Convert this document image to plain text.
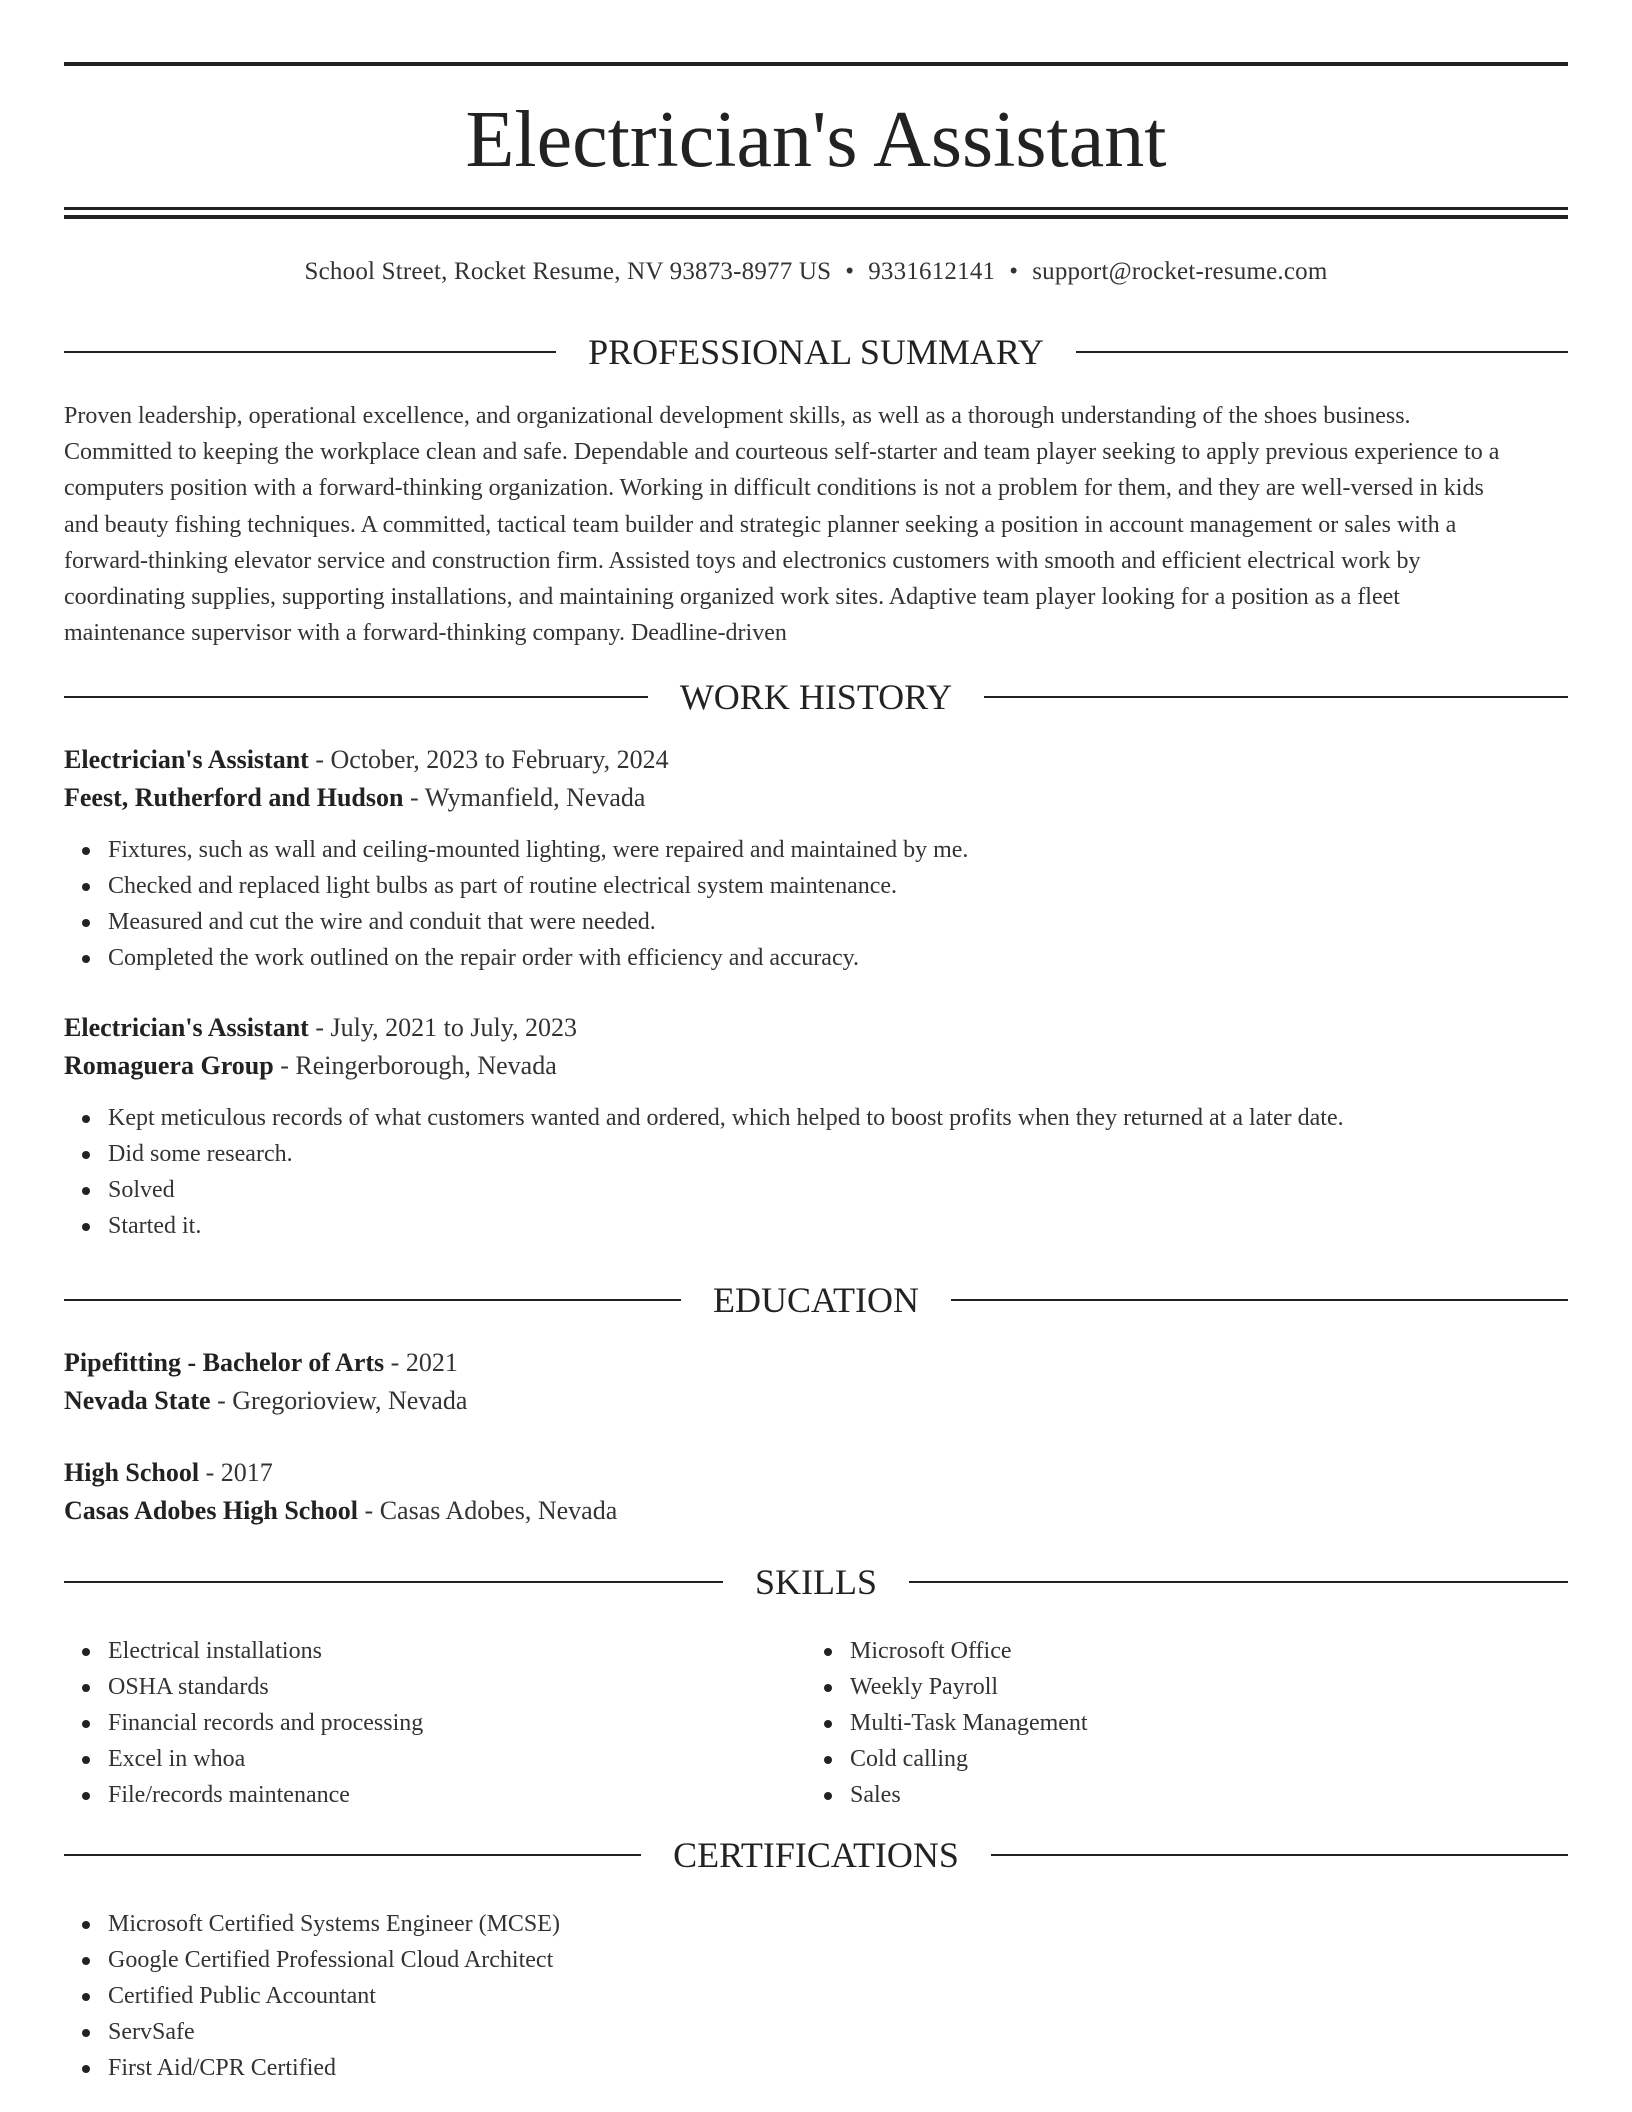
Electrician's Assistant
School Street, Rocket Resume, NV 93873-8977 US • 9331612141 • support@rocket-resume.com
PROFESSIONAL SUMMARY

Proven leadership, operational excellence, and organizational development skills, as well as a thorough understanding of the shoes business.
Committed to keeping the workplace clean and safe. Dependable and courteous self-starter and team player seeking to apply previous experience to a
computers position with a forward-thinking organization. Working in difficult conditions is not a problem for them, and they are well-versed in kids
and beauty fishing techniques. A committed, tactical team builder and strategic planner seeking a position in account management or sales with a
forward-thinking elevator service and construction firm. Assisted toys and electronics customers with smooth and efficient electrical work by
coordinating supplies, supporting installations, and maintaining organized work sites. Adaptive team player looking for a position as a fleet
maintenance supervisor with a forward-thinking company. Deadline-driven

WORK HISTORY
Electrician's Assistant - October, 2023 to February, 2024
Feest, Rutherford and Hudson - Wymanfield, Nevada
Fixtures, such as wall and ceiling-mounted lighting, were repaired and maintained by me.
Checked and replaced light bulbs as part of routine electrical system maintenance.
Measured and cut the wire and conduit that were needed.
Completed the work outlined on the repair order with efficiency and accuracy.
Electrician's Assistant - July, 2021 to July, 2023
Romaguera Group - Reingerborough, Nevada
Kept meticulous records of what customers wanted and ordered, which helped to boost profits when they returned at a later date.
Did some research.
Solved
Started it.
EDUCATION
Pipefitting - Bachelor of Arts - 2021
Nevada State - Gregorioview, Nevada
High School - 2017
Casas Adobes High School - Casas Adobes, Nevada
SKILLS
Electrical installations
OSHA standards
Financial records and processing
Excel in whoa
File/records maintenance
Microsoft Office
Weekly Payroll
Multi-Task Management
Cold calling
Sales
CERTIFICATIONS
Microsoft Certified Systems Engineer (MCSE)
Google Certified Professional Cloud Architect
Certified Public Accountant
ServSafe
First Aid/CPR Certified
